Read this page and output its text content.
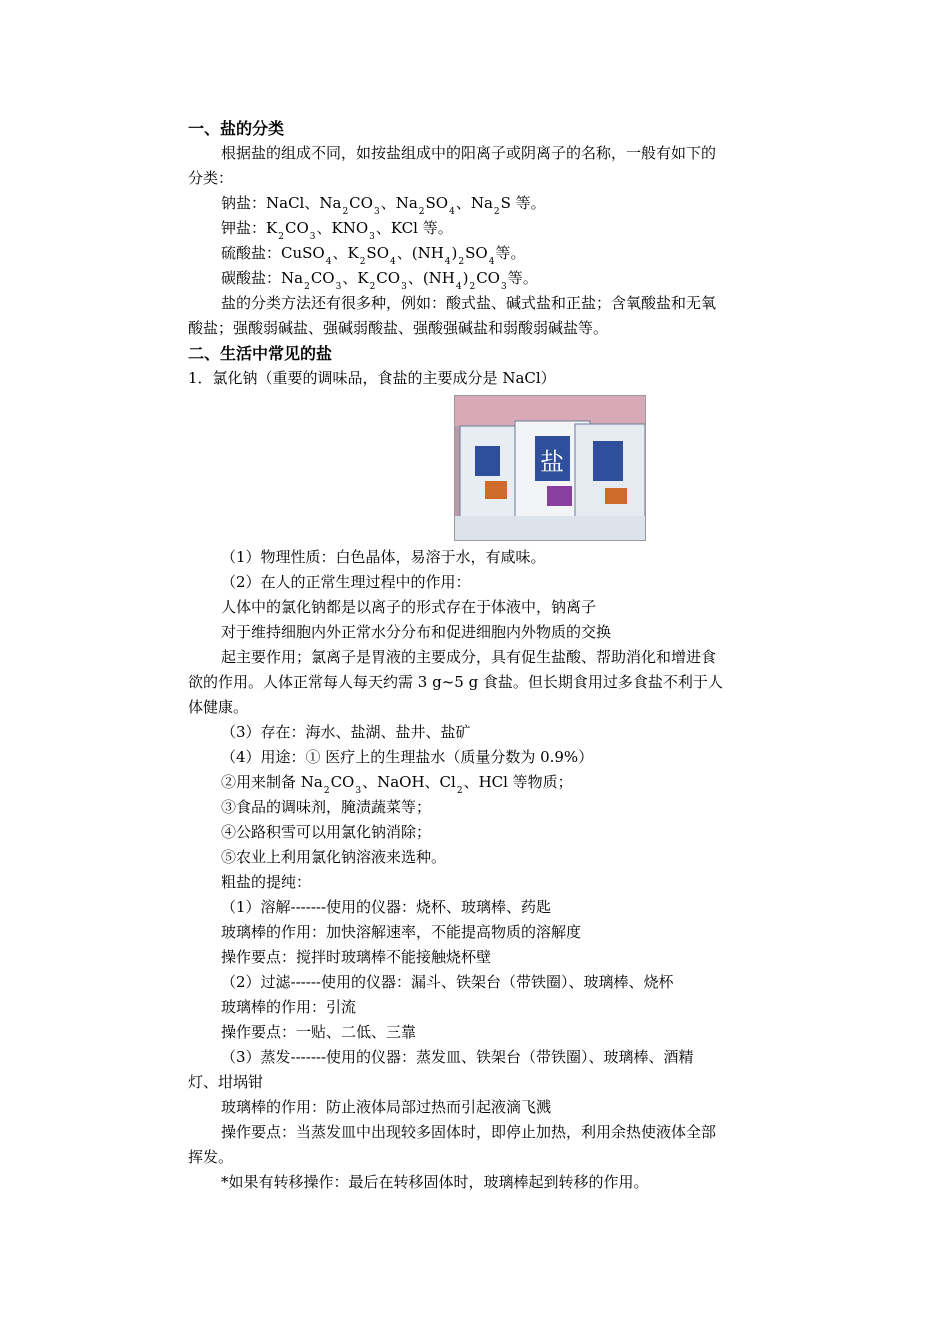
一、盐的分类
根据盐的组成不同，如按盐组成中的阳离子或阴离子的名称，一般有如下的
分类：
钠盐：NaCl、$Na_2CO_3$、$Na_2SO_4$、$Na_2S$ 等。
钾盐：$K_2CO_3$、$KNO_3$、KCl 等。
硫酸盐：CuSO$_4$、$K_2SO_4$、$(NH_4)_2SO_4$等。
碳酸盐：$Na_2CO_3$、$K_2CO_3$、$(NH_4)_2CO_3$等。
盐的分类方法还有很多种，例如：酸式盐、碱式盐和正盐；含氧酸盐和无氧
酸盐；强酸弱碱盐、强碱弱酸盐、强酸强碱盐和弱酸弱碱盐等。
二、生活中常见的盐
1．氯化钠（重要的调味品，食盐的主要成分是 NaCl）
盐
（1）物理性质：白色晶体，易溶于水，有咸味。
（2）在人的正常生理过程中的作用：
人体中的氯化钠都是以离子的形式存在于体液中，钠离子
对于维持细胞内外正常水分分布和促进细胞内外物质的交换
起主要作用；氯离子是胃液的主要成分，具有促生盐酸、帮助消化和增进食
欲的作用。人体正常每人每天约需 3 g~5 g 食盐。但长期食用过多食盐不利于人
体健康。
（3）存在：海水、盐湖、盐井、盐矿
（4）用途：① 医疗上的生理盐水（质量分数为 0.9%）
②用来制备 $Na_2CO_3$、NaOH、$Cl_2$、HCl 等物质；
③食品的调味剂，腌渍蔬菜等；
④公路积雪可以用氯化钠消除；
⑤农业上利用氯化钠溶液来选种。
粗盐的提纯：
（1）溶解-------使用的仪器：烧杯、玻璃棒、药匙
玻璃棒的作用：加快溶解速率，不能提高物质的溶解度
操作要点：搅拌时玻璃棒不能接触烧杯壁
（2）过滤------使用的仪器：漏斗、铁架台（带铁圈）、玻璃棒、烧杯
玻璃棒的作用：引流
操作要点：一贴、二低、三靠
（3）蒸发-------使用的仪器：蒸发皿、铁架台（带铁圈）、玻璃棒、酒精
灯、坩埚钳
玻璃棒的作用：防止液体局部过热而引起液滴飞溅
操作要点：当蒸发皿中出现较多固体时，即停止加热，利用余热使液体全部
挥发。
*如果有转移操作：最后在转移固体时，玻璃棒起到转移的作用。
